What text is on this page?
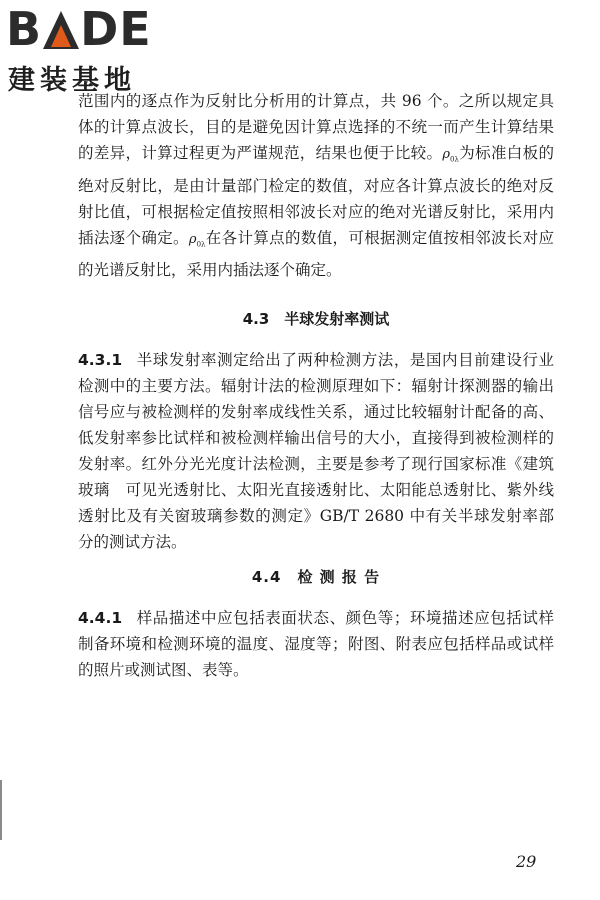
B DE
建装基地
范围内的逐点作为反射比分析用的计算点，共 96 个。之所以规定具体的计算点波长，目的是避免因计算点选择的不统一而产生计算结果的差异，计算过程更为严谨规范，结果也便于比较。$\rho_{0\lambda}$为标准白板的绝对反射比，是由计量部门检定的数值，对应各计算点波长的绝对反射比值，可根据检定值按照相邻波长对应的绝对光谱反射比，采用内插法逐个确定。$\rho_{0\lambda}$在各计算点的数值，可根据测定值按相邻波长对应的光谱反射比，采用内插法逐个确定。
4.3　半球发射率测试
4.3.1 半球发射率测定给出了两种检测方法，是国内目前建设行业检测中的主要方法。辐射计法的检测原理如下：辐射计探测器的输出信号应与被检测样的发射率成线性关系，通过比较辐射计配备的高、低发射率参比试样和被检测样输出信号的大小，直接得到被检测样的发射率。红外分光光度计法检测，主要是参考了现行国家标准《建筑玻璃　可见光透射比、太阳光直接透射比、太阳能总透射比、紫外线透射比及有关窗玻璃参数的测定》GB/T 2680 中有关半球发射率部分的测试方法。
4.4　检 测 报 告
4.4.1 样品描述中应包括表面状态、颜色等；环境描述应包括试样制备环境和检测环境的温度、湿度等；附图、附表应包括样品或试样的照片或测试图、表等。
29
